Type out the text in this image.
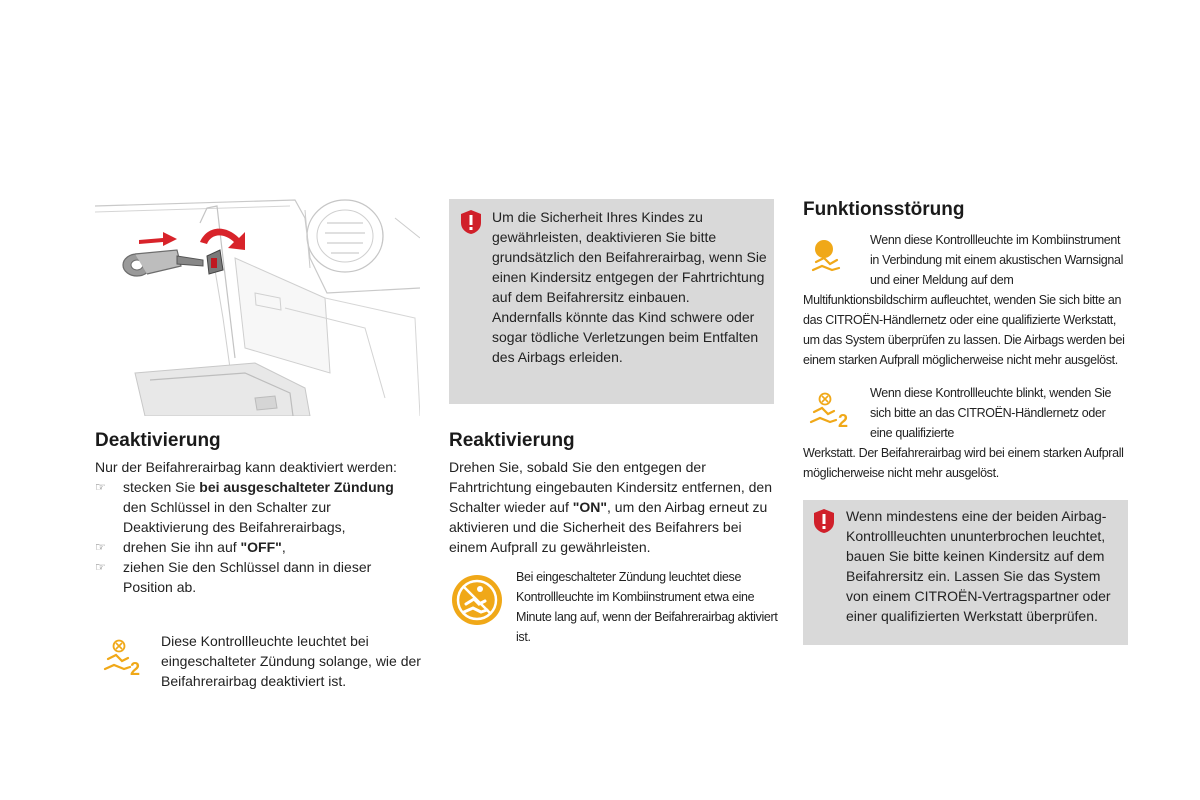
Um die Sicherheit Ihres Kindes zu gewährleisten, deaktivieren Sie bitte grundsätzlich den Beifahrerairbag, wenn Sie einen Kindersitz entgegen der Fahrtrichtung auf dem Beifahrersitz einbauen.

Andernfalls könnte das Kind schwere oder sogar tödliche Verletzungen beim Entfalten des Airbags erleiden.

Deaktivierung

Nur der Beifahrerairbag kann deaktiviert werden:

☞ stecken Sie bei ausgeschalteter Zündung den Schlüssel in den Schalter zur Deaktivierung des Beifahrerairbags,
☞ drehen Sie ihn auf "OFF",
☞ ziehen Sie den Schlüssel dann in dieser Position ab.
2
Diese Kontrollleuchte leuchtet bei eingeschalteter Zündung solange, wie der Beifahrerairbag deaktiviert ist.
Reaktivierung
Drehen Sie, sobald Sie den entgegen der Fahrtrichtung eingebauten Kindersitz entfernen, den Schalter wieder auf "ON", um den Airbag erneut zu aktivieren und die Sicherheit des Beifahrers bei einem Aufprall zu gewährleisten.
Bei eingeschalteter Zündung leuchtet diese Kontrollleuchte im Kombiinstrument etwa eine Minute lang auf, wenn der Beifahrerairbag aktiviert ist.
Funktionsstörung
Wenn diese Kontrollleuchte im Kombiinstrument in Verbindung mit einem akustischen Warnsignal und einer Meldung auf dem
Multifunktionsbildschirm aufleuchtet, wenden Sie sich bitte an das CITROËN-Händlernetz oder eine qualifizierte Werkstatt, um das System überprüfen zu lassen. Die Airbags werden bei einem starken Aufprall möglicherweise nicht mehr ausgelöst.
2
Wenn diese Kontrollleuchte blinkt, wenden Sie sich bitte an das CITROËN-Händlernetz oder eine qualifizierte
Werkstatt. Der Beifahrerairbag wird bei einem starken Aufprall möglicherweise nicht mehr ausgelöst.
Wenn mindestens eine der beiden Airbag-Kontrollleuchten ununterbrochen leuchtet, bauen Sie bitte keinen Kindersitz auf dem Beifahrersitz ein. Lassen Sie das System von einem CITROËN-Vertragspartner oder einer qualifizierten Werkstatt überprüfen.
